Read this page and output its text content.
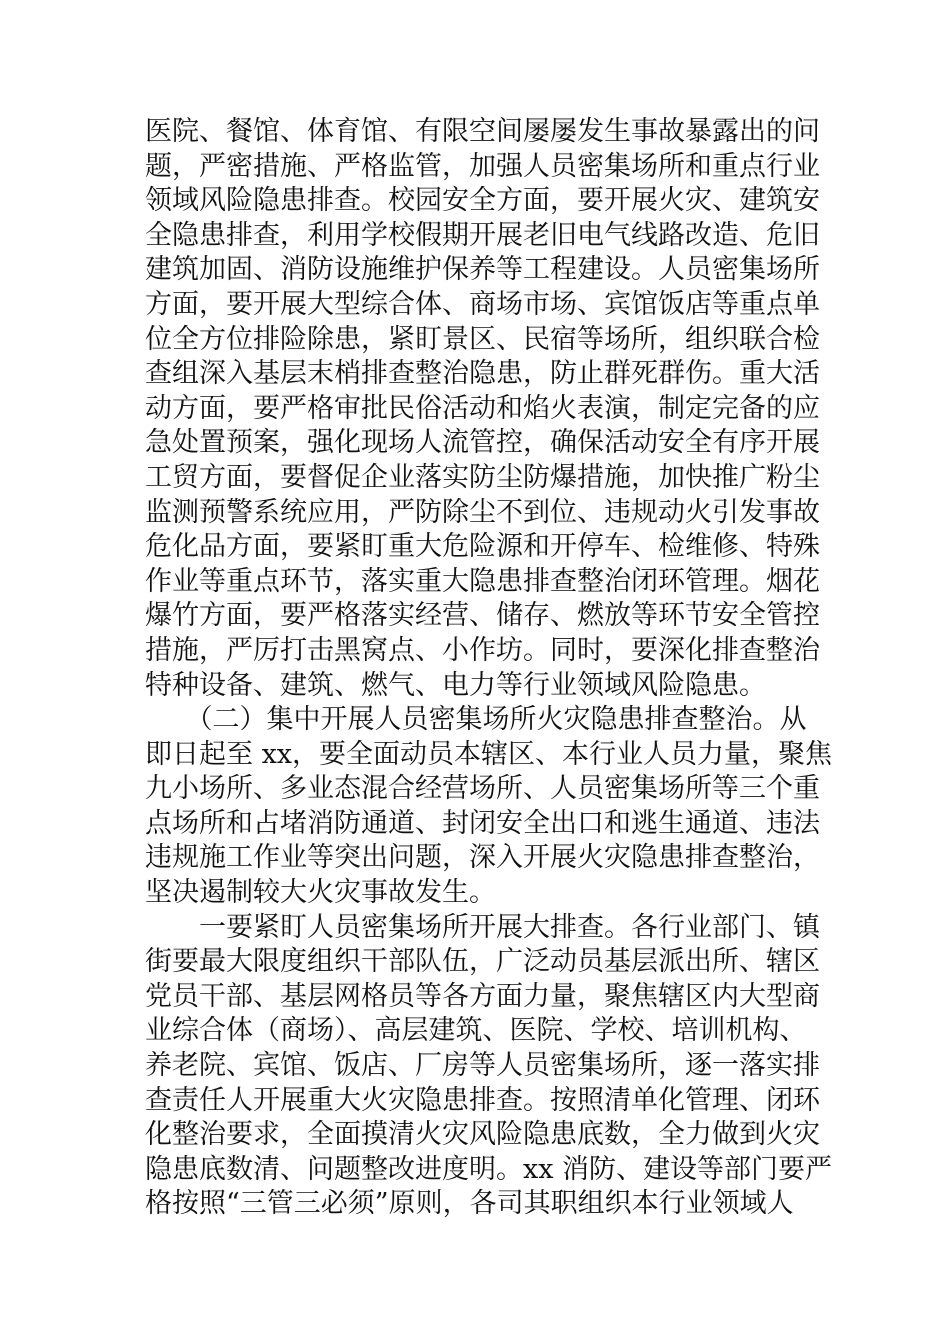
医院、餐馆、体育馆、有限空间屡屡发生事故暴露出的问
题，严密措施、严格监管，加强人员密集场所和重点行业
领域风险隐患排查。校园安全方面，要开展火灾、建筑安
全隐患排查，利用学校假期开展老旧电气线路改造、危旧
建筑加固、消防设施维护保养等工程建设。人员密集场所
方面，要开展大型综合体、商场市场、宾馆饭店等重点单
位全方位排险除患，紧盯景区、民宿等场所，组织联合检
查组深入基层末梢排查整治隐患，防止群死群伤。重大活
动方面，要严格审批民俗活动和焰火表演，制定完备的应
急处置预案，强化现场人流管控，确保活动安全有序开展
工贸方面，要督促企业落实防尘防爆措施，加快推广粉尘
监测预警系统应用，严防除尘不到位、违规动火引发事故
危化品方面，要紧盯重大危险源和开停车、检维修、特殊
作业等重点环节，落实重大隐患排查整治闭环管理。烟花
爆竹方面，要严格落实经营、储存、燃放等环节安全管控
措施，严厉打击黑窝点、小作坊。同时，要深化排查整治
特种设备、建筑、燃气、电力等行业领域风险隐患。
　　（二）集中开展人员密集场所火灾隐患排查整治。从
即日起至 xx，要全面动员本辖区、本行业人员力量，聚焦
九小场所、多业态混合经营场所、人员密集场所等三个重
点场所和占堵消防通道、封闭安全出口和逃生通道、违法
违规施工作业等突出问题，深入开展火灾隐患排查整治，
坚决遏制较大火灾事故发生。
　　一要紧盯人员密集场所开展大排查。各行业部门、镇
街要最大限度组织干部队伍，广泛动员基层派出所、辖区
党员干部、基层网格员等各方面力量，聚焦辖区内大型商
业综合体（商场）、高层建筑、医院、学校、培训机构、
养老院、宾馆、饭店、厂房等人员密集场所，逐一落实排
查责任人开展重大火灾隐患排查。按照清单化管理、闭环
化整治要求，全面摸清火灾风险隐患底数，全力做到火灾
隐患底数清、问题整改进度明。xx 消防、建设等部门要严
格按照“三管三必须”原则，各司其职组织本行业领域人
